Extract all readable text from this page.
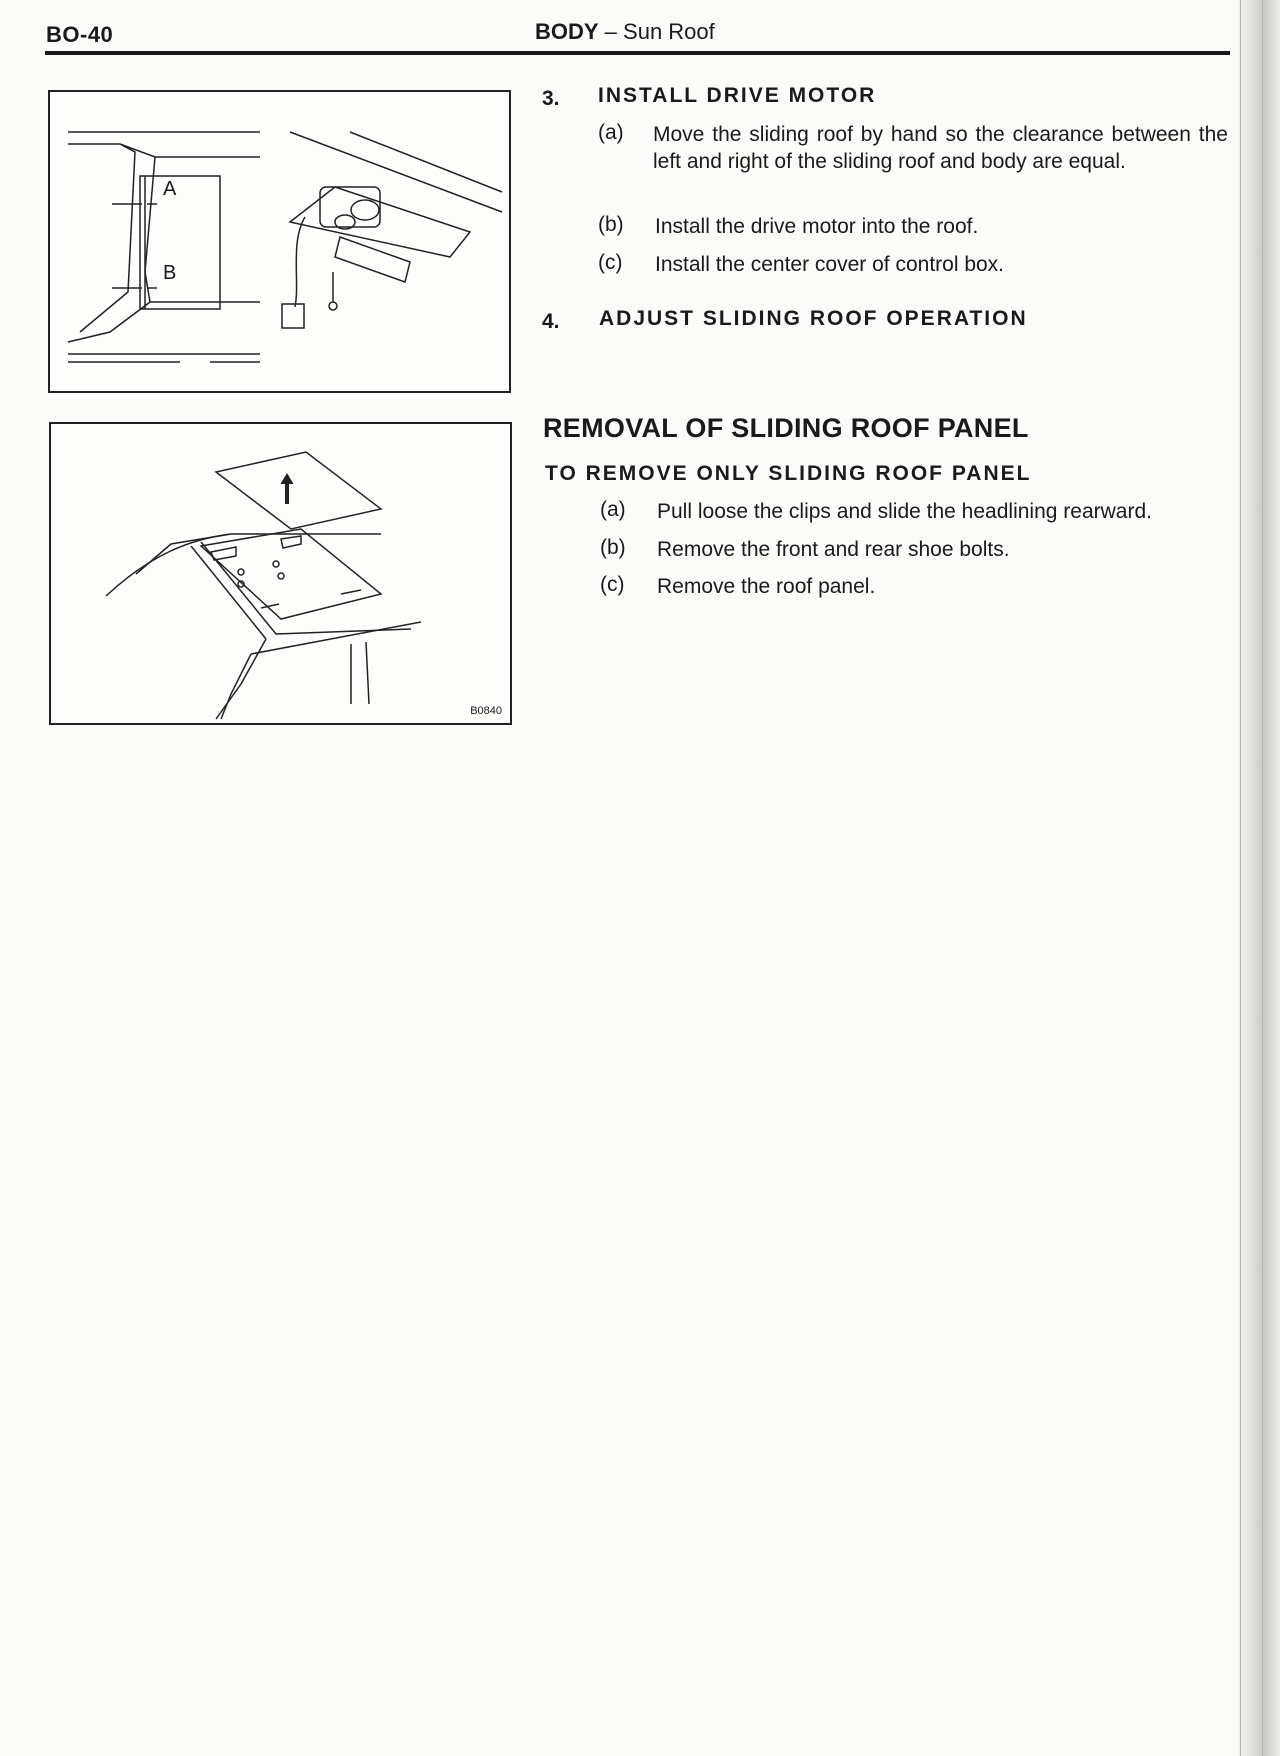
BO-40	BODY – Sun Roof
A
B
B0840
3. INSTALL DRIVE MOTOR
(a) Move the sliding roof by hand so the clearance between the left and right of the sliding roof and body are equal.
(b) Install the drive motor into the roof.
(c) Install the center cover of control box.
4. ADJUST SLIDING ROOF OPERATION
REMOVAL OF SLIDING ROOF PANEL
TO REMOVE ONLY SLIDING ROOF PANEL
(a) Pull loose the clips and slide the headlining rearward.
(b) Remove the front and rear shoe bolts.
(c) Remove the roof panel.
